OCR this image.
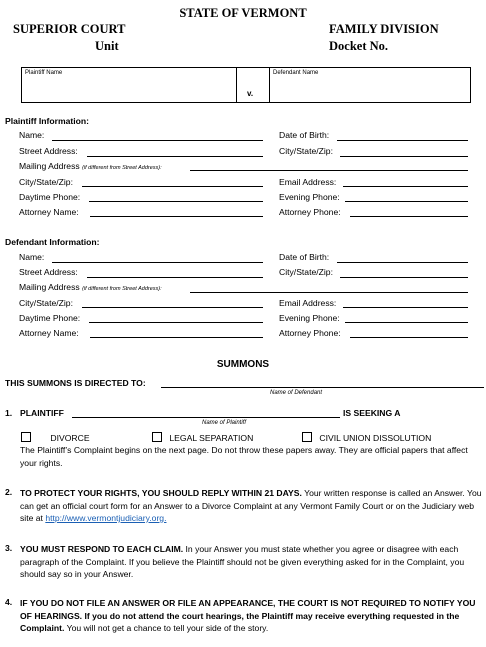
STATE OF VERMONT
SUPERIOR COURT	FAMILY DIVISION
Unit	Docket No.
Plaintiff Name	Defendant Name
v.
Plaintiff Information:
Name:	Date of Birth:
Street Address:	City/State/Zip:
Mailing Address (if different from Street Address):
City/State/Zip:	Email Address:
Daytime Phone:	Evening Phone:
Attorney Name:	Attorney Phone:
Defendant Information:
Name:	Date of Birth:
Street Address:	City/State/Zip:
Mailing Address (if different from Street Address):
City/State/Zip:	Email Address:
Daytime Phone:	Evening Phone:
Attorney Name:	Attorney Phone:
SUMMONS
THIS SUMMONS IS DIRECTED TO:
Name of Defendant
1. PLAINTIFF	IS SEEKING A
Name of Plaintiff
DIVORCE	LEGAL SEPARATION	CIVIL UNION DISSOLUTION
The Plaintiff’s Complaint begins on the next page. Do not throw these papers away. They are official papers that affect your rights.
2. TO PROTECT YOUR RIGHTS, YOU SHOULD REPLY WITHIN 21 DAYS. Your written response is called an Answer. You can get an official court form for an Answer to a Divorce Complaint at any Vermont Family Court or on the Judiciary web site at http://www.vermontjudiciary.org.
3. YOU MUST RESPOND TO EACH CLAIM. In your Answer you must state whether you agree or disagree with each paragraph of the Complaint. If you believe the Plaintiff should not be given everything asked for in the Complaint, you should say so in your Answer.
4. IF YOU DO NOT FILE AN ANSWER OR FILE AN APPEARANCE, THE COURT IS NOT REQUIRED TO NOTIFY YOU OF HEARINGS. If you do not attend the court hearings, the Plaintiff may receive everything requested in the Complaint. You will not get a chance to tell your side of the story.
